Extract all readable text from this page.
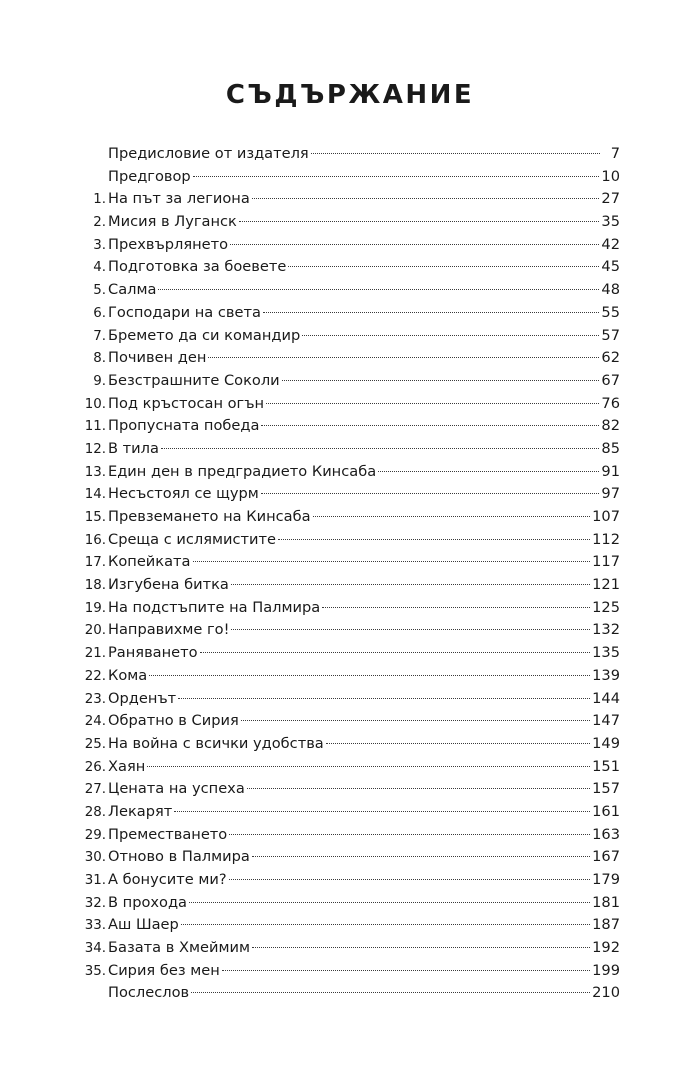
СЪДЪРЖАНИЕ
Предисловие от издателя	7
Предговор	10
1. На път за легиона	27
2. Мисия в Луганск	35
3. Прехвърлянето	42
4. Подготовка за боевете	45
5. Салма	48
6. Господари на света	55
7. Бремето да си командир	57
8. Почивен ден	62
9. Безстрашните Соколи	67
10. Под кръстосан огън	76
11. Пропусната победа	82
12. В тила	85
13. Един ден в предградието Кинсаба	91
14. Несъстоял се щурм	97
15. Превземането на Кинсаба	107
16. Среща с ислямистите	112
17. Копейката	117
18. Изгубена битка	121
19. На подстъпите на Палмира	125
20. Направихме го!	132
21. Раняването	135
22. Кома	139
23. Орденът	144
24. Обратно в Сирия	147
25. На война с всички удобства	149
26. Хаян	151
27. Цената на успеха	157
28. Лекарят	161
29. Преместването	163
30. Отново в Палмира	167
31. А бонусите ми?	179
32. В прохода	181
33. Аш Шаер	187
34. Базата в Хмеймим	192
35. Сирия без мен	199
Послеслов	210
